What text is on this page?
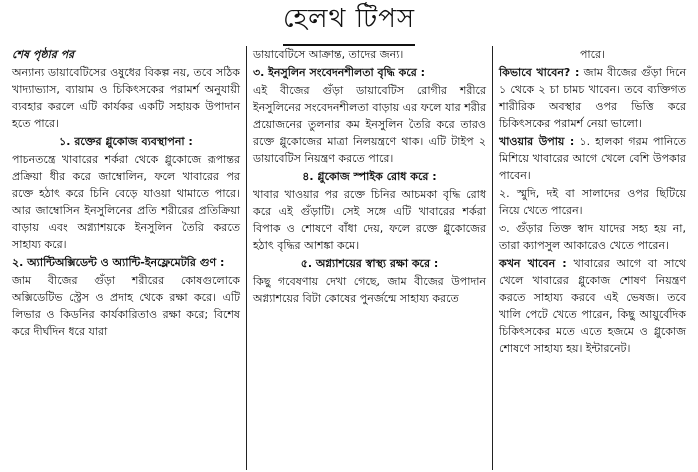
হেলথ টিপস

শেষ পৃষ্ঠার পর

অন্যান্য ডায়াবেটিসের ওষুধের বিকল্প নয়, তবে সঠিক খাদ্যাভ্যাস, ব্যায়াম ও চিকিৎসকের পরামর্শ অনুযায়ী ব্যবহার করলে এটি কার্যকর একটি সহায়ক উপাদান হতে পারে।

১. রক্তের গ্লুকোজ ব্যবস্থাপনা :

পাচনতন্ত্রে খাবারের শর্করা থেকে গ্লুকোজে রূপান্তর প্রক্রিয়া ধীর করে জাম্বোলিন, ফলে খাবারের পর রক্তে হঠাৎ করে চিনি বেড়ে যাওয়া থামাতে পারে। আর জাম্বোসিন ইনসুলিনের প্রতি শরীরের প্রতিক্রিয়া বাড়ায় এবং অগ্ন্যাশয়কে ইনসুলিন তৈরি করতে সাহায্য করে।

২. অ্যান্টিঅক্সিডেন্ট ও অ্যান্টি-ইনফ্লেমেটরি গুণ :

জাম বীজের গুঁড়া শরীরের কোষগুলোকে অক্সিডেটিভ স্ট্রেস ও প্রদাহ থেকে রক্ষা করে। এটি লিভার ও কিডনির কার্যকারিতাও রক্ষা করে; বিশেষ করে দীর্ঘদিন ধরে যারা

ডায়াবেটিসে আক্রান্ত, তাদের জন্য।

৩. ইনসুলিন সংবেদনশীলতা বৃদ্ধি করে :

এই বীজের গুঁড়া ডায়াবেটিস রোগীর শরীরে ইনসুলিনের সংবেদনশীলতা বাড়ায় এর ফলে যার শরীর প্রয়োজনের তুলনার কম ইনসুলিন তৈরি করে তারও রক্তে গ্লুকোজের মাত্রা নিলয়ন্ত্রণে থাক। এটি টাইপ ২ ডায়াবেটিস নিয়ন্ত্রণ করতে পারে।

৪. গ্লুকোজ স্পাইক রোধ করে :

খাবার খাওয়ার পর রক্তে চিনির আচমকা বৃদ্ধি রোধ করে এই গুঁড়াটি। সেই সঙ্গে এটি খাবারের শর্করা বিপাক ও শোষণে বাঁধা দেয়, ফলে রক্তে গ্লুকোজের হঠাৎ বৃদ্ধির আশঙ্কা কমে।

৫. অগ্ন্যাশয়ের স্বাস্থ্য রক্ষা করে :

কিছু গবেষণায় দেখা গেছে, জাম বীজের উপাদান অগ্ন্যাশয়ের বিটা কোষের পুনর্জন্মে সাহায্য করতে

পারে।

কিভাবে খাবেন? : জাম বীজের গুঁড়া দিনে ১ থেকে ২ চা চামচ খাবেন। তবে ব্যক্তিগত শারীরিক অবস্থার ওপর ভিত্তি করে চিকিৎসকের পরামর্শ নেয়া ভালো।

খাওয়ার উপায় : ১. হালকা গরম পানিতে মিশিয়ে খাবারের আগে খেলে বেশি উপকার পাবেন।

২. স্মুদি, দই বা সালাদের ওপর ছিটিয়ে নিয়ে খেতে পারেন।

৩. গুঁড়ার তিক্ত স্বাদ যাদের সহ্য হয় না, তারা ক্যাপসুল আকারেও খেতে পারেন।

কখন খাবেন : খাবারের আগে বা সাথে খেলে খাবারের গ্লুকোজ শোষণ নিয়ন্ত্রণ করতে সাহায্য করবে এই ভেষজ। তবে খালি পেটে খেতে পারেন, কিছু আয়ুর্বেদিক চিকিৎসকের মতে এতে হজমে ও গ্লুকোজ শোষণে সাহায্য হয়। ইন্টারনেট।
